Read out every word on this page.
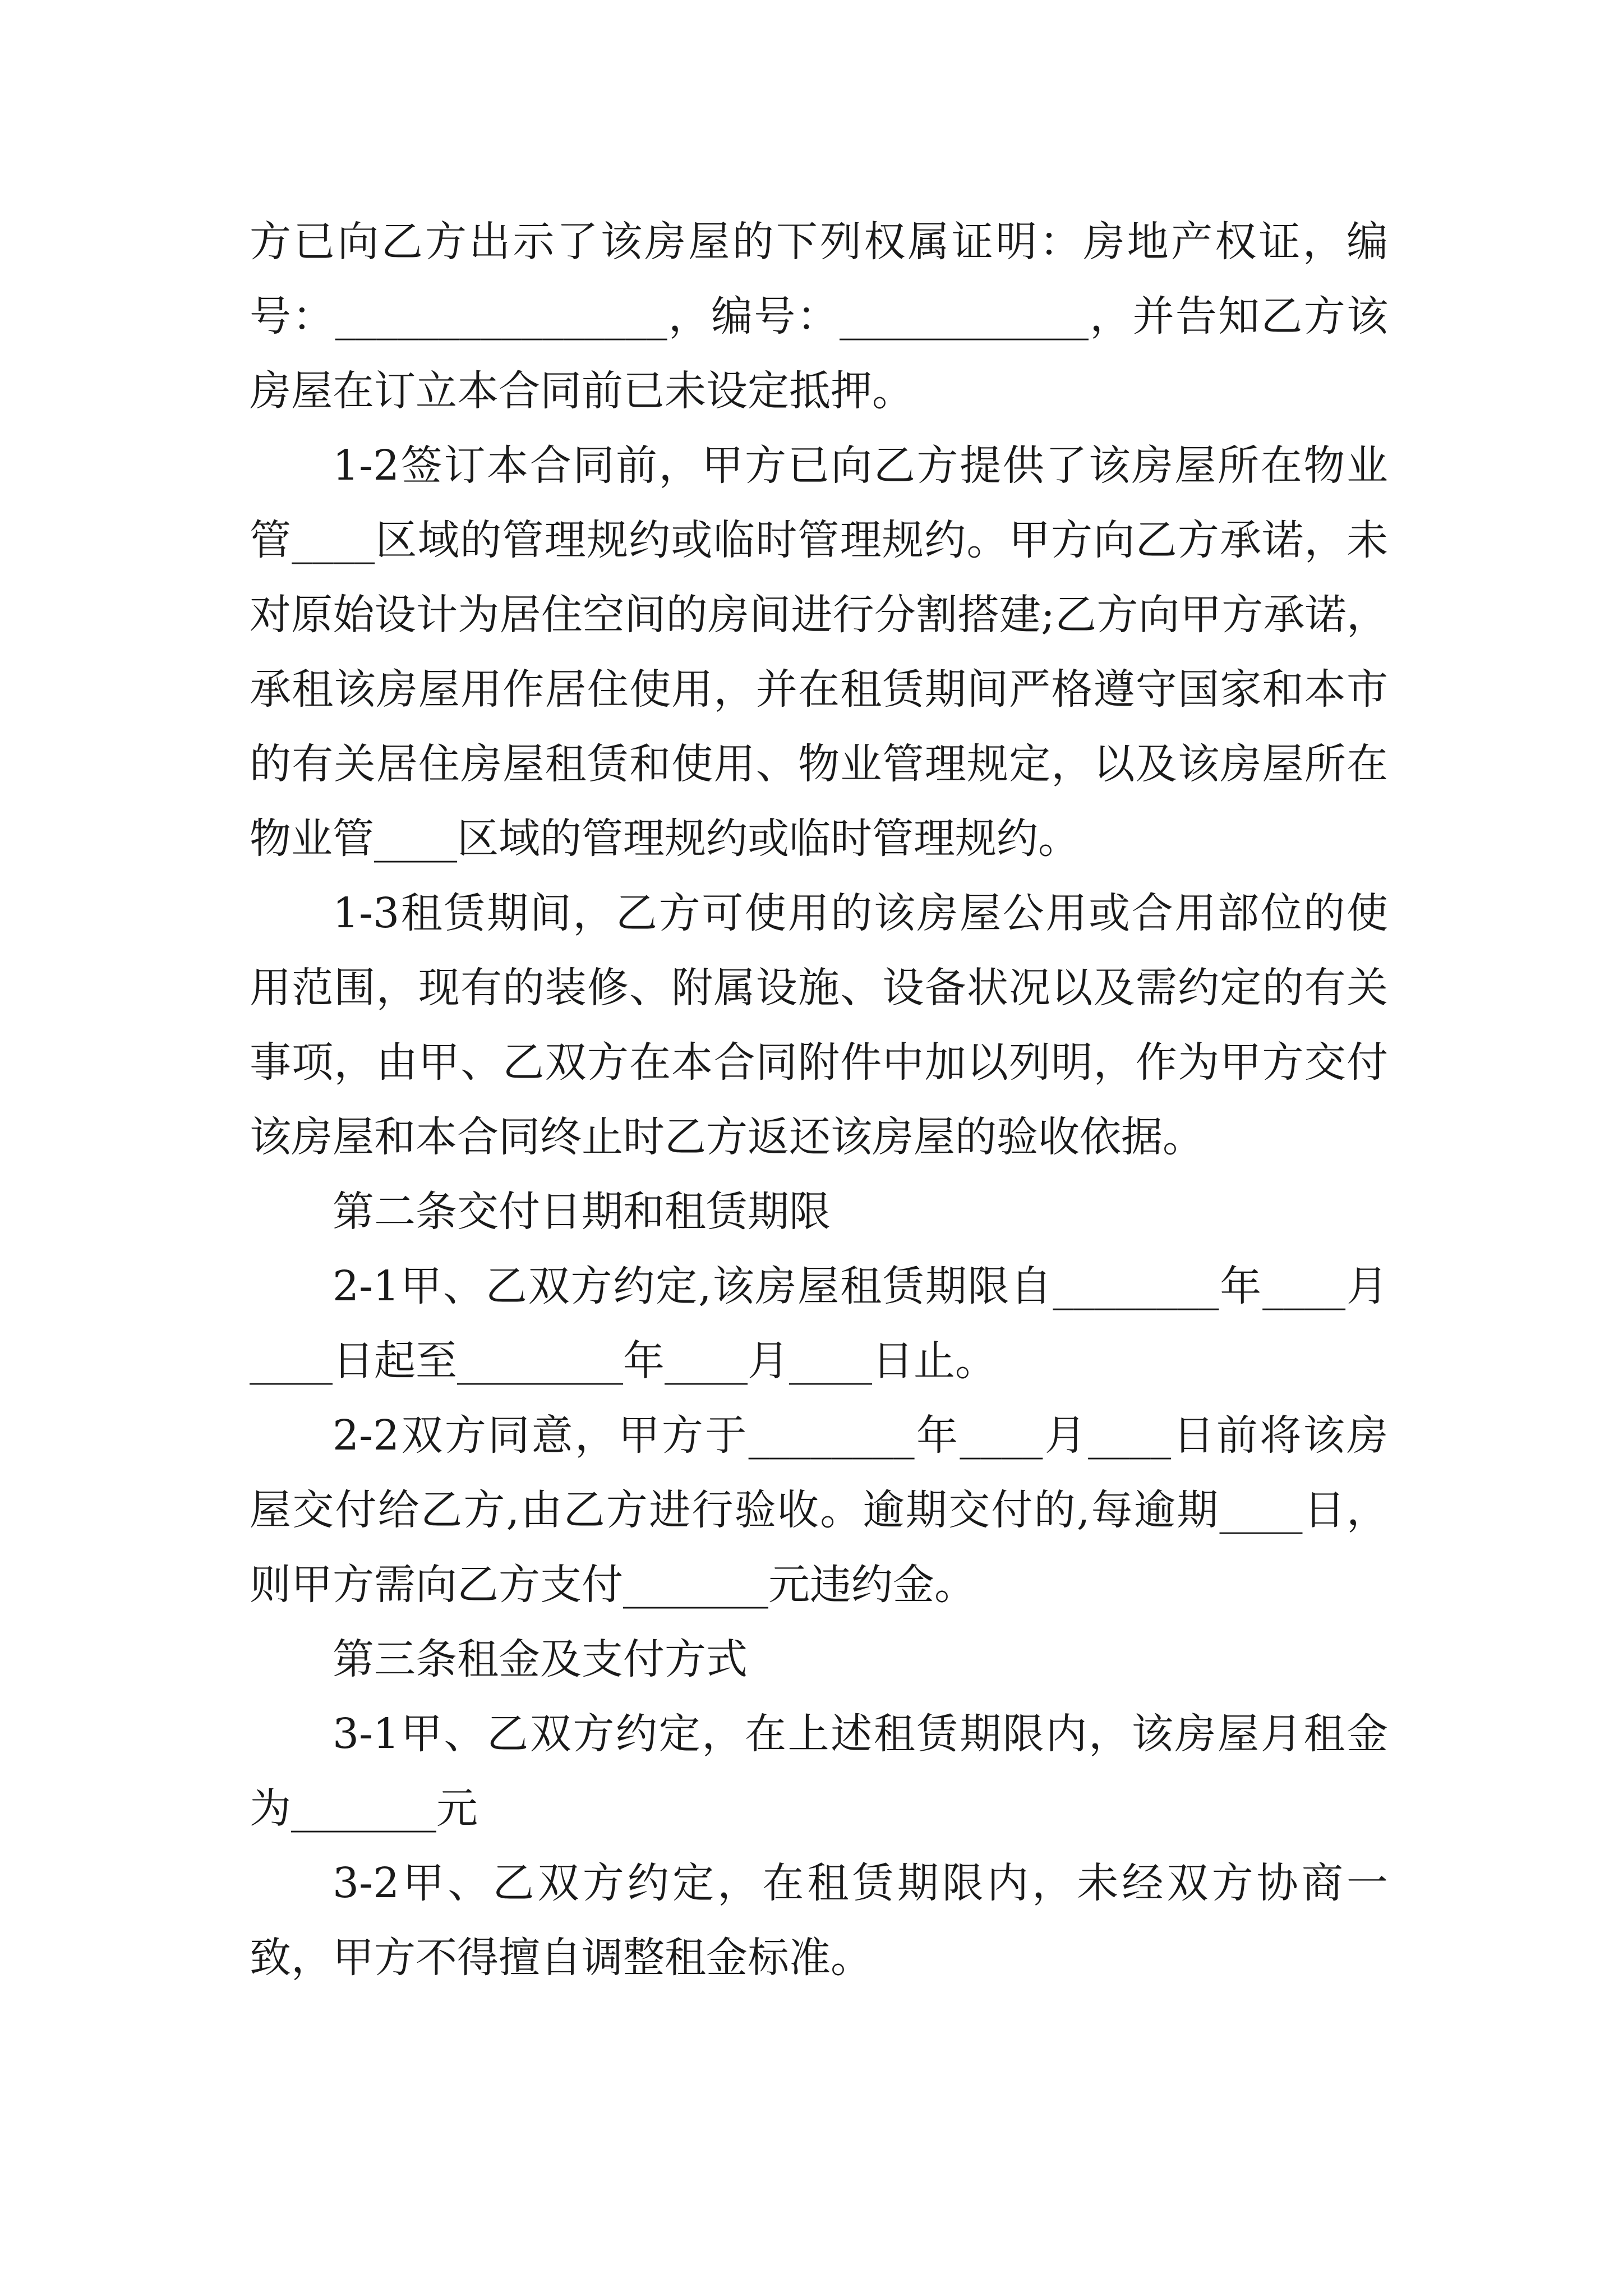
方已向乙方出示了该房屋的下列权属证明：房地产权证，编号：________________，编号：____________，并告知乙方该房屋在订立本合同前已未设定抵押。

1-2签订本合同前，甲方已向乙方提供了该房屋所在物业管____区域的管理规约或临时管理规约。甲方向乙方承诺，未对原始设计为居住空间的房间进行分割搭建;乙方向甲方承诺，承租该房屋用作居住使用，并在租赁期间严格遵守国家和本市的有关居住房屋租赁和使用、物业管理规定，以及该房屋所在物业管____区域的管理规约或临时管理规约。

1-3租赁期间，乙方可使用的该房屋公用或合用部位的使用范围，现有的装修、附属设施、设备状况以及需约定的有关事项，由甲、乙双方在本合同附件中加以列明，作为甲方交付该房屋和本合同终止时乙方返还该房屋的验收依据。

第二条交付日期和租赁期限

2-1甲、乙双方约定,该房屋租赁期限自________年____月____日起至________年____月____日止。

2-2双方同意，甲方于________年____月____日前将该房屋交付给乙方,由乙方进行验收。逾期交付的,每逾期____日，则甲方需向乙方支付_______元违约金。

第三条租金及支付方式

3-1甲、乙双方约定，在上述租赁期限内，该房屋月租金为_______元

3-2甲、乙双方约定，在租赁期限内，未经双方协商一致，甲方不得擅自调整租金标准。
